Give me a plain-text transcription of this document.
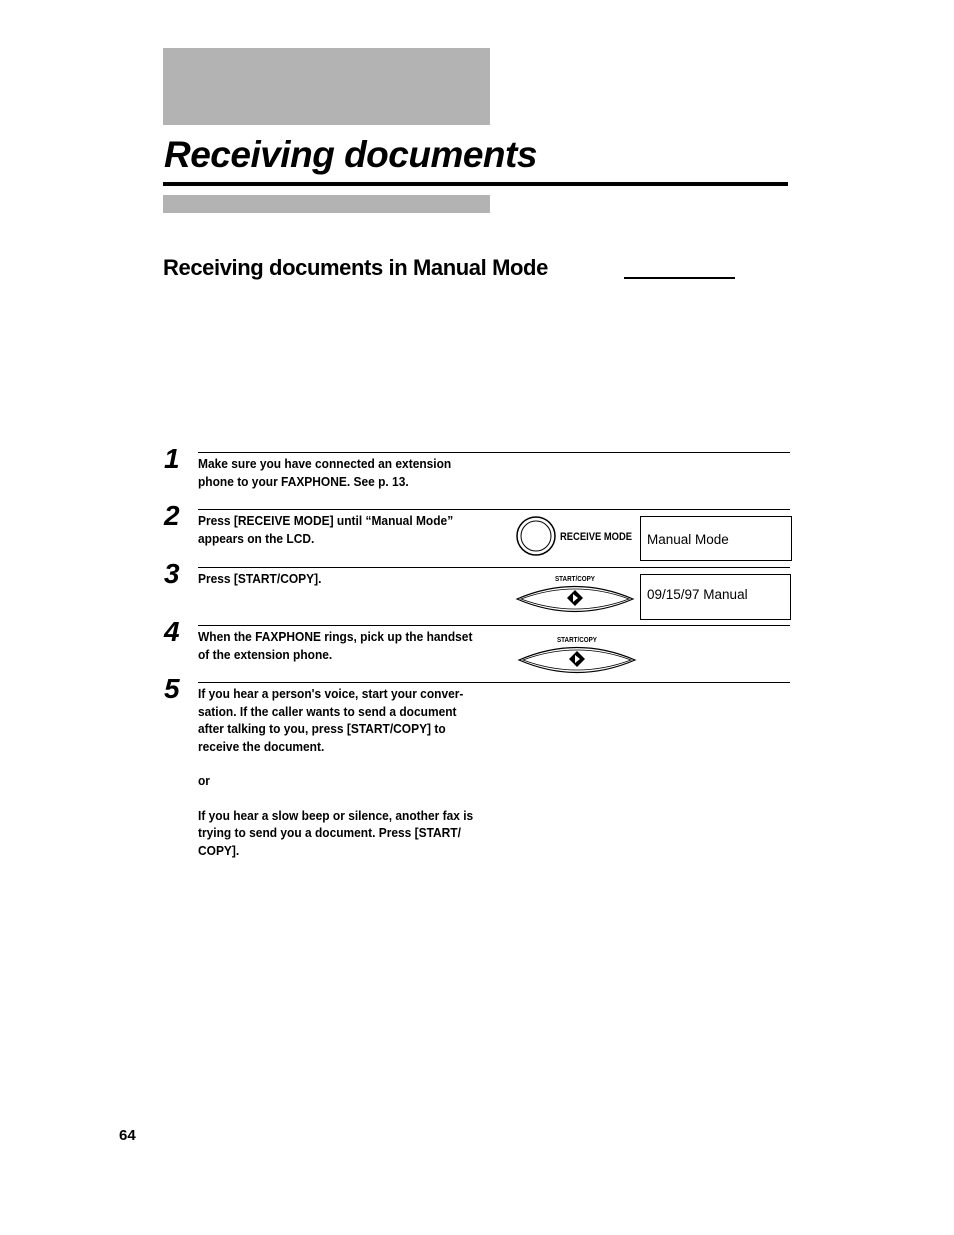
Receiving documents
Receiving documents in Manual Mode
1 Make sure you have connected an extension phone to your FAXPHONE. See p. 13.

2 Press [RECEIVE MODE] until “Manual Mode” appears on the LCD.	RECEIVE MODE	Manual Mode
3 Press [START/COPY].	START/COPY
09/15/97 Manual
4 When the FAXPHONE rings, pick up the handset of the extension phone.

START/COPY
5 If you hear a person's voice, start your conver-sation. If the caller wants to send a document after talking to you, press [START/COPY] to receive the document.

or

If you hear a slow beep or silence, another fax is trying to send you a document. Press [START/ COPY].

64
